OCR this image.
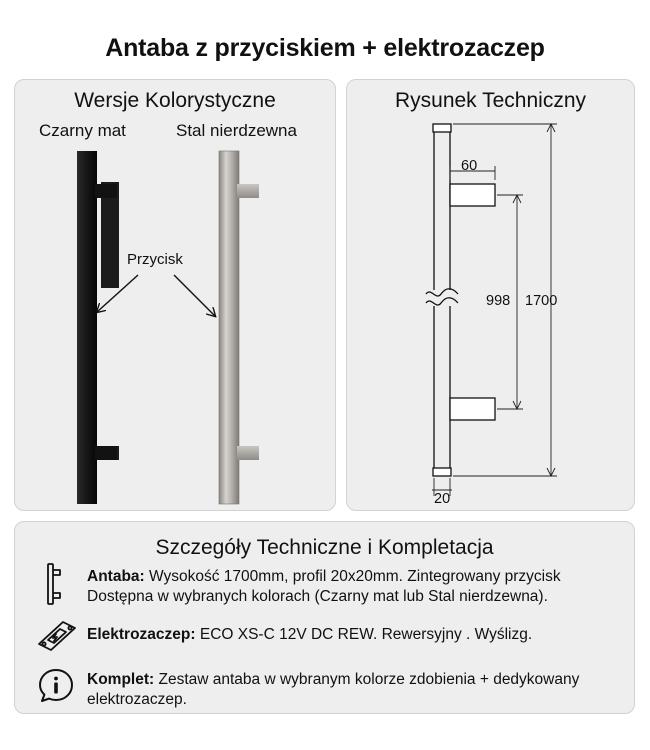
Antaba z przyciskiem + elektrozaczep
Wersje Kolorystyczne
Czarny mat	Stal nierdzewna
Przycisk
Rysunek Techniczny
60
998 1700
20
Szczegóły Techniczne i Kompletacja
Antaba: Wysokość 1700mm, profil 20x20mm. Zintegrowany przycisk Dostępna w wybranych kolorach (Czarny mat lub Stal nierdzewna).
Elektrozaczep: ECO XS-C 12V DC REW. Rewersyjny . Wyślizg.
Komplet: Zestaw antaba w wybranym kolorze zdobienia + dedykowany elektrozaczep.
